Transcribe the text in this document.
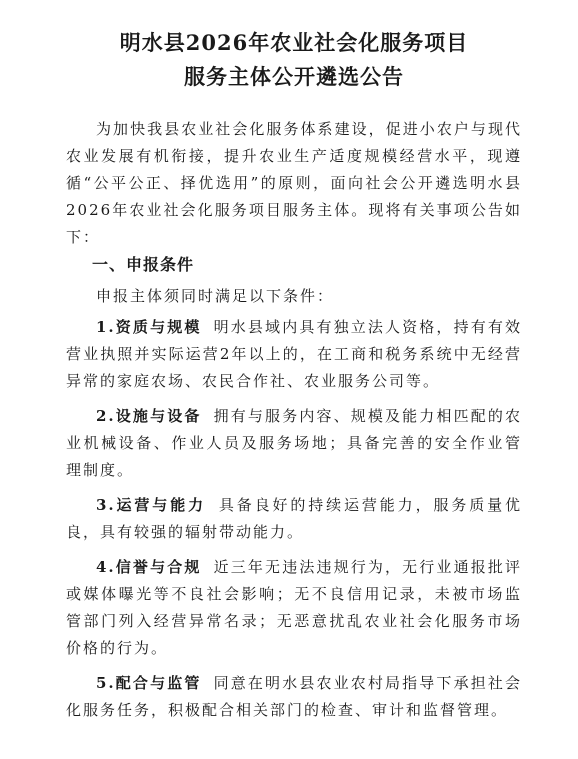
明水县2026年农业社会化服务项目
服务主体公开遴选公告

为加快我县农业社会化服务体系建设，促进小农户与现代农业发展有机衔接，提升农业生产适度规模经营水平，现遵循“公平公正、择优选用”的原则，面向社会公开遴选明水县2026年农业社会化服务项目服务主体。现将有关事项公告如下：

一、申报条件

申报主体须同时满足以下条件：

1.资质与规模 明水县域内具有独立法人资格，持有有效营业执照并实际运营2年以上的，在工商和税务系统中无经营异常的家庭农场、农民合作社、农业服务公司等。

2.设施与设备 拥有与服务内容、规模及能力相匹配的农业机械设备、作业人员及服务场地；具备完善的安全作业管理制度。

3.运营与能力 具备良好的持续运营能力，服务质量优良，具有较强的辐射带动能力。

4.信誉与合规 近三年无违法违规行为，无行业通报批评或媒体曝光等不良社会影响；无不良信用记录，未被市场监管部门列入经营异常名录；无恶意扰乱农业社会化服务市场价格的行为。

5.配合与监管 同意在明水县农业农村局指导下承担社会化服务任务，积极配合相关部门的检查、审计和监督管理。
